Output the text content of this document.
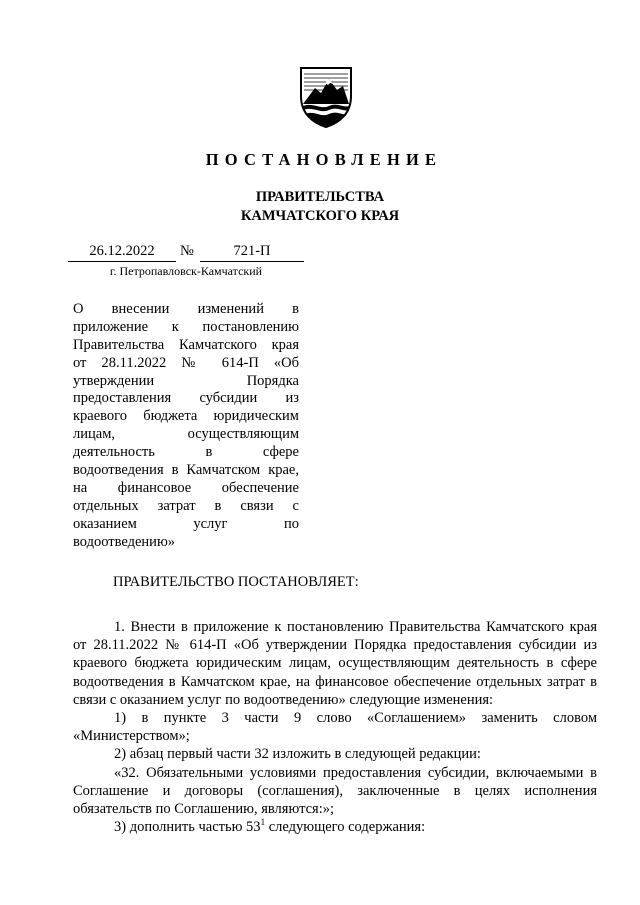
ПОСТАНОВЛЕНИЕ
ПРАВИТЕЛЬСТВА
КАМЧАТСКОГО КРАЯ
26.12.2022	№	721-П
г. Петропавловск-Камчатский
О внесении изменений в
приложение к постановлению
Правительства Камчатского края
от 28.11.2022 № 614-П «Об
утверждении Порядка
предоставления субсидии из
краевого бюджета юридическим
лицам, осуществляющим
деятельность в сфере
водоотведения в Камчатском крае,
на финансовое обеспечение
отдельных затрат в связи с
оказанием услуг по
водоотведению»
ПРАВИТЕЛЬСТВО ПОСТАНОВЛЯЕТ:

1. Внести в приложение к постановлению Правительства Камчатского края от 28.11.2022 № 614-П «Об утверждении Порядка предоставления субсидии из краевого бюджета юридическим лицам, осуществляющим деятельность в сфере водоотведения в Камчатском крае, на финансовое обеспечение отдельных затрат в связи с оказанием услуг по водоотведению» следующие изменения:

1) в пункте 3 части 9 слово «Соглашением» заменить словом «Министерством»;

2) абзац первый части 32 изложить в следующей редакции:

«32. Обязательными условиями предоставления субсидии, включаемыми в Соглашение и договоры (соглашения), заключенные в целях исполнения обязательств по Соглашению, являются:»;

3) дополнить частью $53^1$ следующего содержания:
